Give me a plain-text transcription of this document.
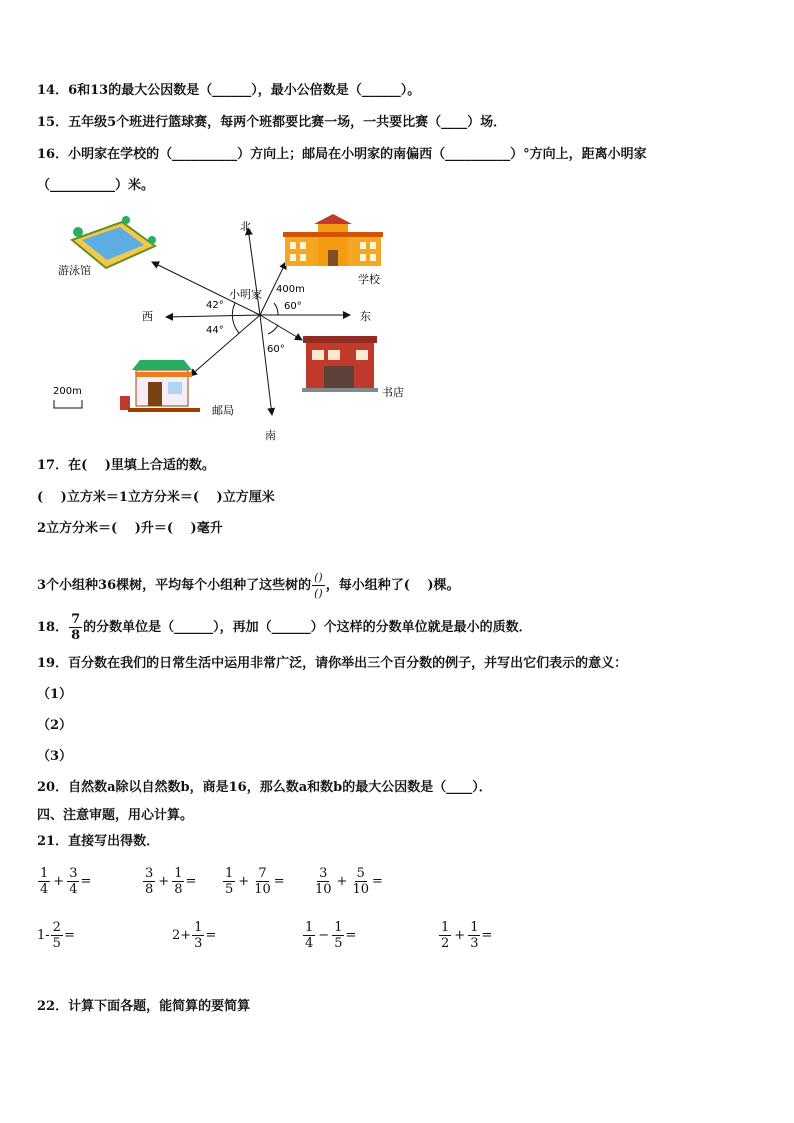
14．6和13的最大公因数是（______），最小公倍数是（______）。
15．五年级5个班进行篮球赛，每两个班都要比赛一场，一共要比赛（____）场．
16．小明家在学校的（__________）方向上；邮局在小明家的南偏西（__________）°方向上，距离小明家
（__________）米。
北
南
东
西
小明家 400m
42°
44°
60°
60°
游泳馆
学校
邮局
书店
200m
17．在(　 )里填上合适的数。
(　 )立方米＝1立方分米＝(　 )立方厘米
2立方分米＝(　 )升＝(　 )毫升
3个小组种36棵树，平均每个小组种了这些树的 $\frac{()}{()}$ ，每小组种了(　 )棵。
18． $\frac{7}{8}$ 的分数单位是（______），再加（______）个这样的分数单位就是最小的质数．
19．百分数在我们的日常生活中运用非常广泛，请你举出三个百分数的例子，并写出它们表示的意义：
（1）
（2）
（3）
20．自然数a除以自然数b，商是16，那么数a和数b的最大公因数是（____）．
四、注意审题，用心计算。
21．直接写出得数．
$\frac{1}{4} + \frac{3}{4}$ =	$\frac{3}{8} + \frac{1}{8} = \frac{1}{5} + \frac{7}{10} = \frac{3}{10} + \frac{5}{10}$ =
$1- \frac{2}{5}$ =	$2+ \frac{1}{3}$ =	$\frac{1}{4} - \frac{1}{5}$ =	$\frac{1}{2} + \frac{1}{3}$ =
22．计算下面各题，能简算的要简算
